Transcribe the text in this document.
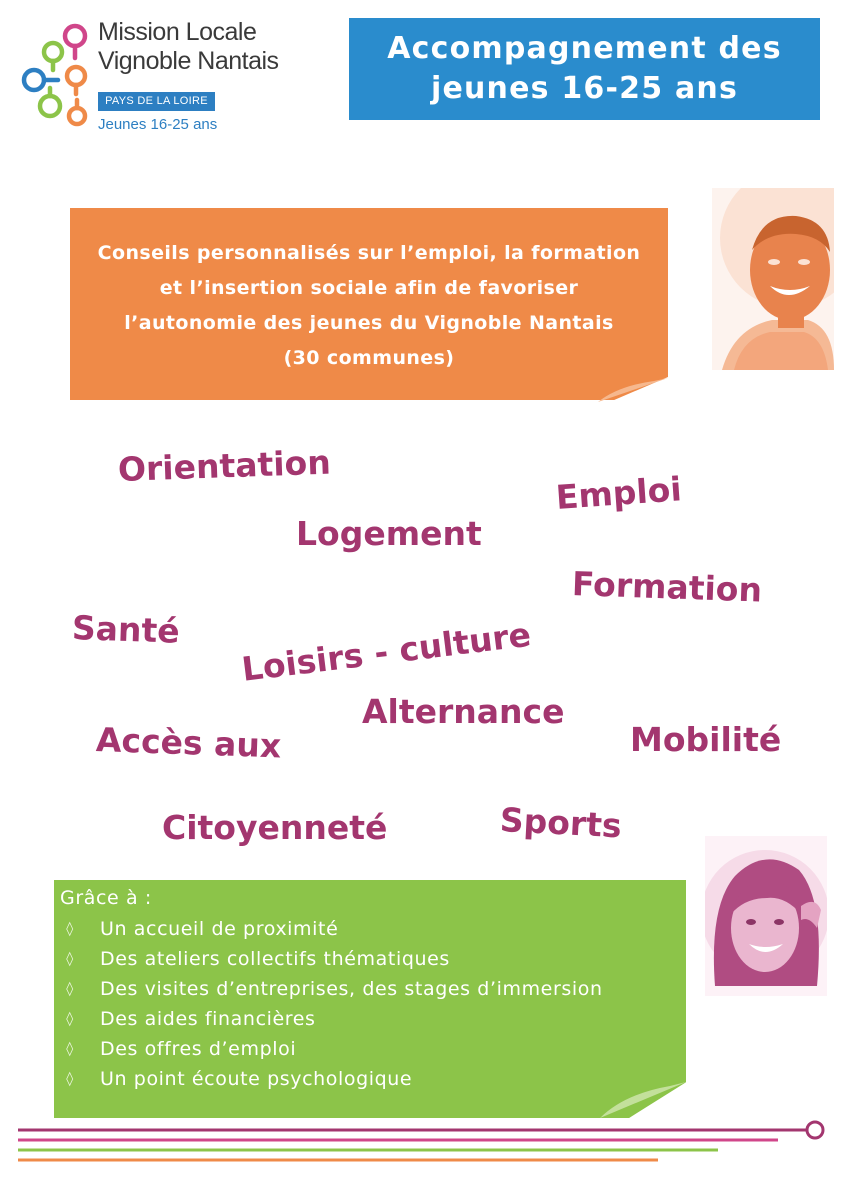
Mission Locale
Vignoble Nantais
PAYS DE LA LOIRE
Jeunes 16-25 ans
Accompagnement des
jeunes 16-25 ans
Conseils personnalisés sur l’emploi, la formation
et l’insertion sociale afin de favoriser
l’autonomie des jeunes du Vignoble Nantais
(30 communes)
Orientation
Emploi
Logement
Formation
Santé Loisirs - culture
Alternance
Accès aux	Mobilité
Citoyenneté	Sports
Grâce à :
◊	Un accueil de proximité
◊	Des ateliers collectifs thématiques
◊	Des visites d’entreprises, des stages d’immersion
◊	Des aides financières
◊	Des offres d’emploi
◊	Un point écoute psychologique
